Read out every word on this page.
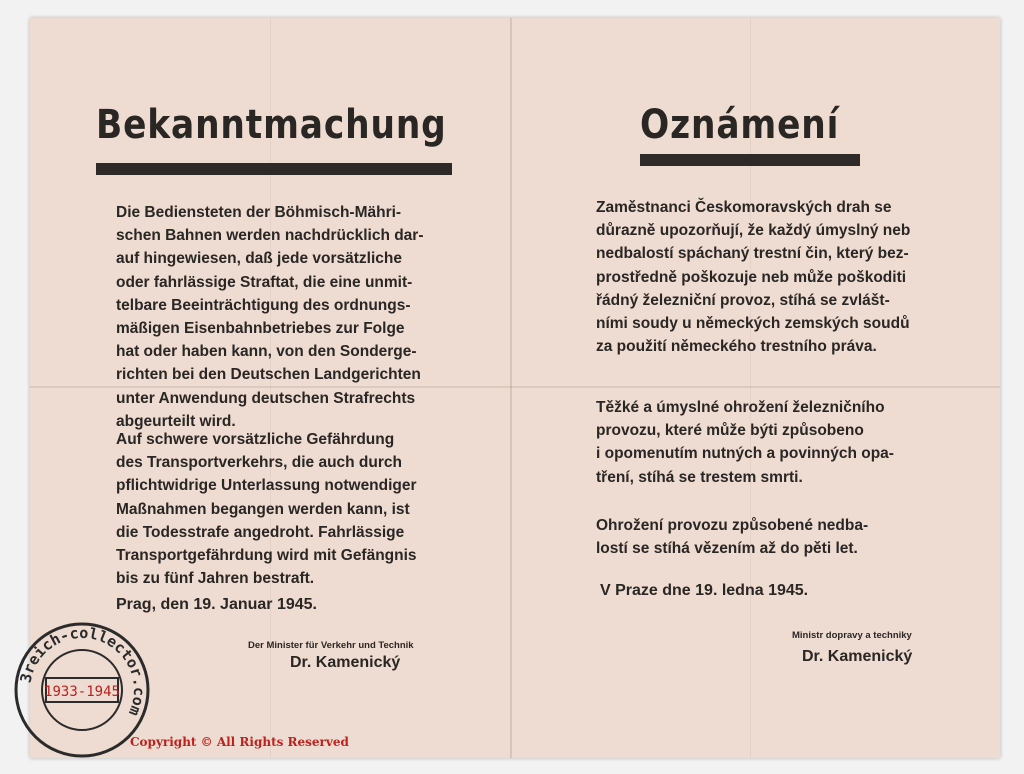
Bekanntmachung
Die Bediensteten der Böhmisch-Mähri-
schen Bahnen werden nachdrücklich dar-
auf hingewiesen, daß jede vorsätzliche
oder fahrlässige Straftat, die eine unmit-
telbare Beeinträchtigung des ordnungs-
mäßigen Eisenbahnbetriebes zur Folge
hat oder haben kann, von den Sonderge-
richten bei den Deutschen Landgerichten
unter Anwendung deutschen Strafrechts
abgeurteilt wird.
Auf schwere vorsätzliche Gefährdung
des Transportverkehrs, die auch durch
pflichtwidrige Unterlassung notwendiger
Maßnahmen begangen werden kann, ist
die Todesstrafe angedroht. Fahrlässige
Transportgefährdung wird mit Gefängnis
bis zu fünf Jahren bestraft.
Prag, den 19. Januar 1945.
Der Minister für Verkehr und Technik
Dr. Kamenický
Oznámení
Zaměstnanci Českomoravských drah se
důrazně upozorňují, že každý úmyslný neb
nedbalostí spáchaný trestní čin, který bez-
prostředně poškozuje neb může poškoditi
řádný železniční provoz, stíhá se zvlášt-
ními soudy u německých zemských soudů
za použití německého trestního práva.
Těžké a úmyslné ohrožení železničního
provozu, které může býti způsobeno
i opomenutím nutných a povinných opa-
tření, stíhá se trestem smrti.
Ohrožení provozu způsobené nedba-
lostí se stíhá vězením až do pěti let.
V Praze dne 19. ledna 1945.
Ministr dopravy a techniky
Dr. Kamenický
3reich-collector.com
1933-1945
Copyright © All Rights Reserved
